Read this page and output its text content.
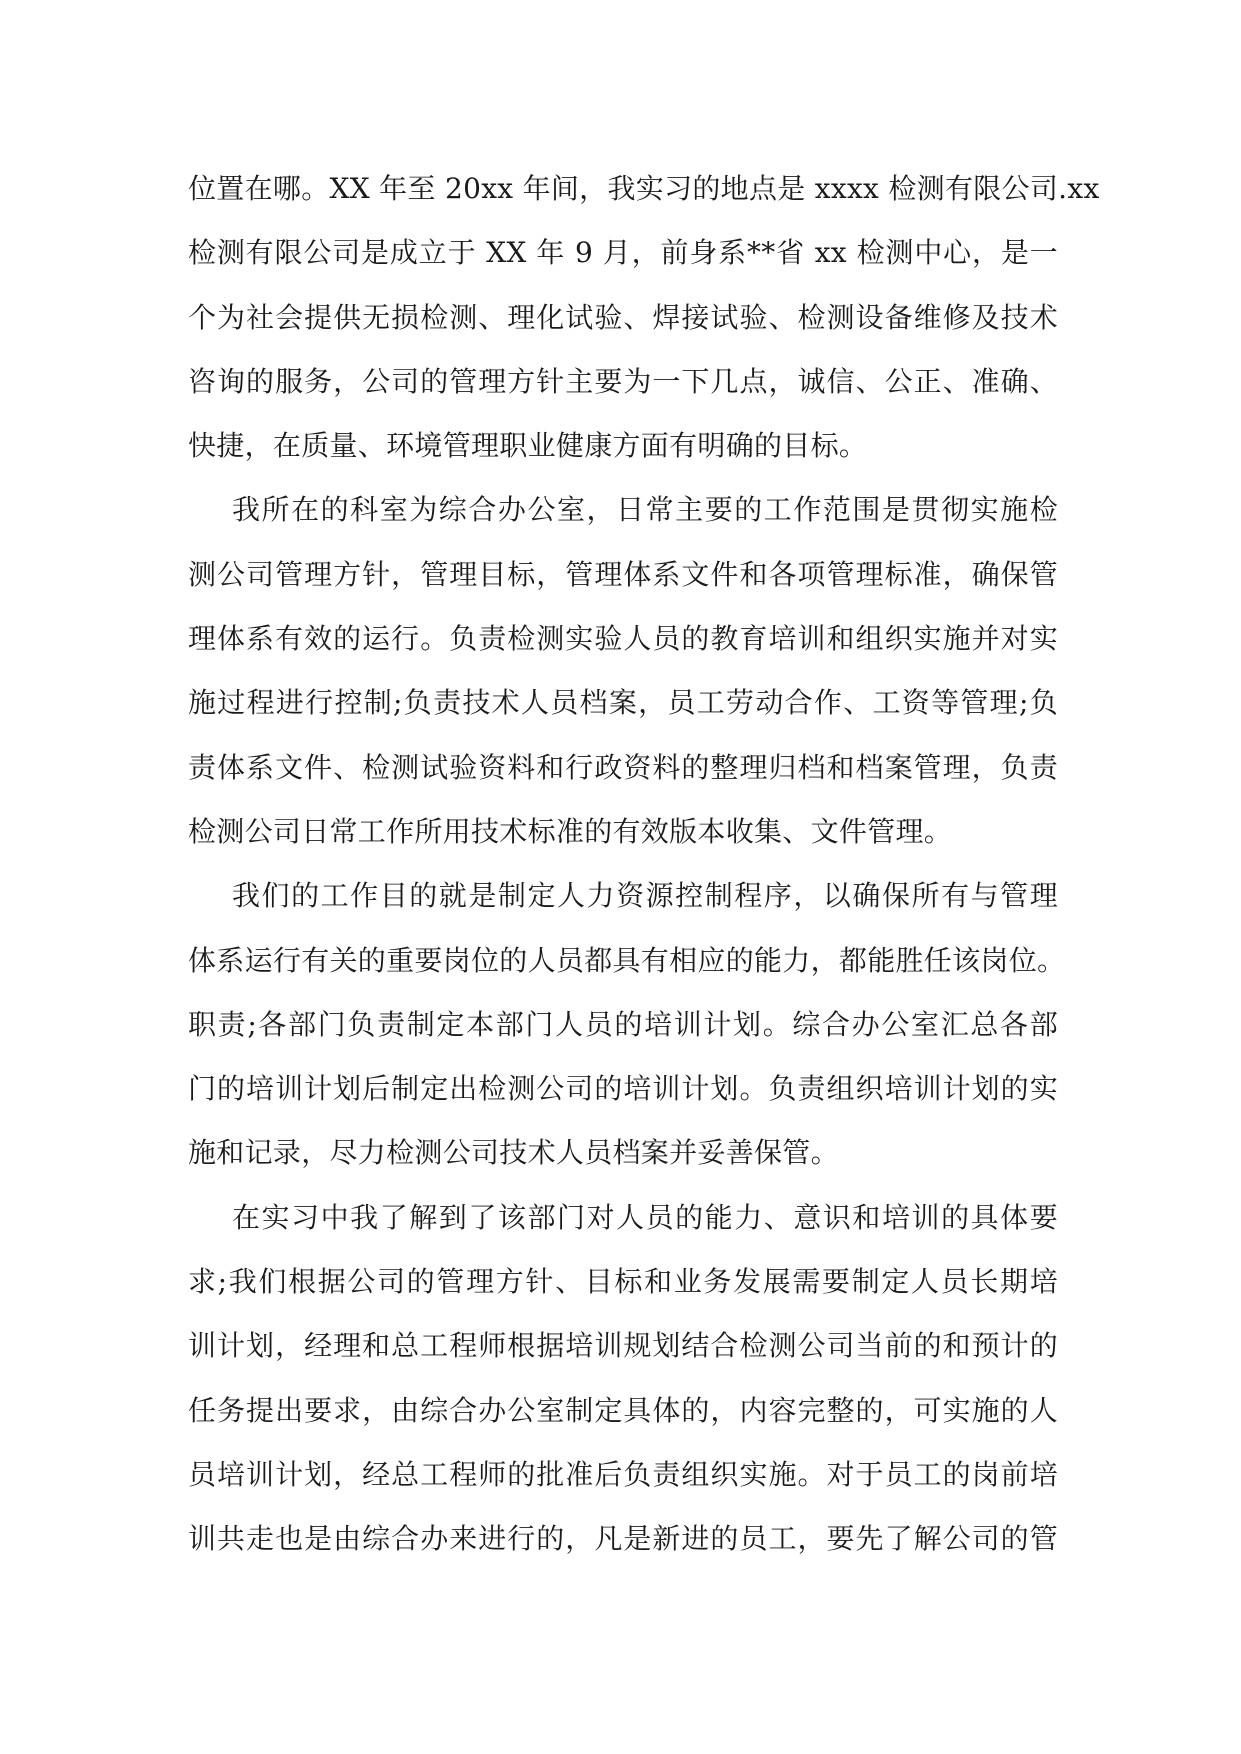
位置在哪。XX 年至 20xx 年间，我实习的地点是 xxxx 检测有限公司.xx
检测有限公司是成立于 XX 年 9 月，前身系**省 xx 检测中心，是一
个为社会提供无损检测、理化试验、焊接试验、检测设备维修及技术
咨询的服务，公司的管理方针主要为一下几点，诚信、公正、准确、
快捷，在质量、环境管理职业健康方面有明确的目标。
我所在的科室为综合办公室，日常主要的工作范围是贯彻实施检
测公司管理方针，管理目标，管理体系文件和各项管理标准，确保管
理体系有效的运行。负责检测实验人员的教育培训和组织实施并对实
施过程进行控制;负责技术人员档案，员工劳动合作、工资等管理;负
责体系文件、检测试验资料和行政资料的整理归档和档案管理，负责
检测公司日常工作所用技术标准的有效版本收集、文件管理。
我们的工作目的就是制定人力资源控制程序，以确保所有与管理
体系运行有关的重要岗位的人员都具有相应的能力，都能胜任该岗位。
职责;各部门负责制定本部门人员的培训计划。综合办公室汇总各部
门的培训计划后制定出检测公司的培训计划。负责组织培训计划的实
施和记录，尽力检测公司技术人员档案并妥善保管。
在实习中我了解到了该部门对人员的能力、意识和培训的具体要
求;我们根据公司的管理方针、目标和业务发展需要制定人员长期培
训计划，经理和总工程师根据培训规划结合检测公司当前的和预计的
任务提出要求，由综合办公室制定具体的，内容完整的，可实施的人
员培训计划，经总工程师的批准后负责组织实施。对于员工的岗前培
训共走也是由综合办来进行的，凡是新进的员工，要先了解公司的管
